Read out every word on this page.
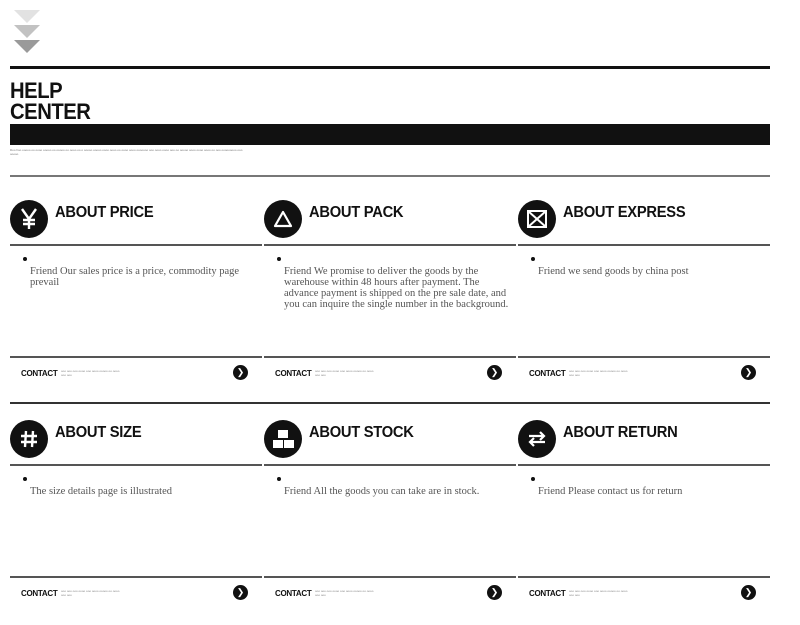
HELP
CENTER
Doo hoo ooooo oo oooo ooooo oo ooooo oo oooo oo o ooooo ooooo oooo oooo oo oooo oooo ooooooo ooo oooo oooo ooo oo ooooo oooo oooo oooo oo ooo ooooooooo ooo ooooo
ABOUT PRICE

Friend Our sales price is a price, commodity page prevail

CONTACT ooo ooo ooo oooo ooo oooo ooooo oo oooo ooo ooo	❯
ABOUT PACK

Friend We promise to deliver the goods by the warehouse within 48 hours after payment. The advance payment is shipped on the pre sale date, and you can inquire the single number in the background.

CONTACT ooo ooo ooo oooo ooo oooo ooooo oo oooo ooo ooo	❯
ABOUT EXPRESS

Friend we send goods by china post

CONTACT ooo ooo ooo oooo ooo oooo ooooo oo oooo ooo ooo	❯
ABOUT SIZE

The size details page is illustrated

CONTACT ooo ooo ooo oooo ooo oooo ooooo oo oooo ooo ooo	❯
ABOUT STOCK

Friend All the goods you can take are in stock.

CONTACT ooo ooo ooo oooo ooo oooo ooooo oo oooo ooo ooo	❯
ABOUT RETURN

Friend Please contact us for return

CONTACT ooo ooo ooo oooo ooo oooo ooooo oo oooo ooo ooo	❯
